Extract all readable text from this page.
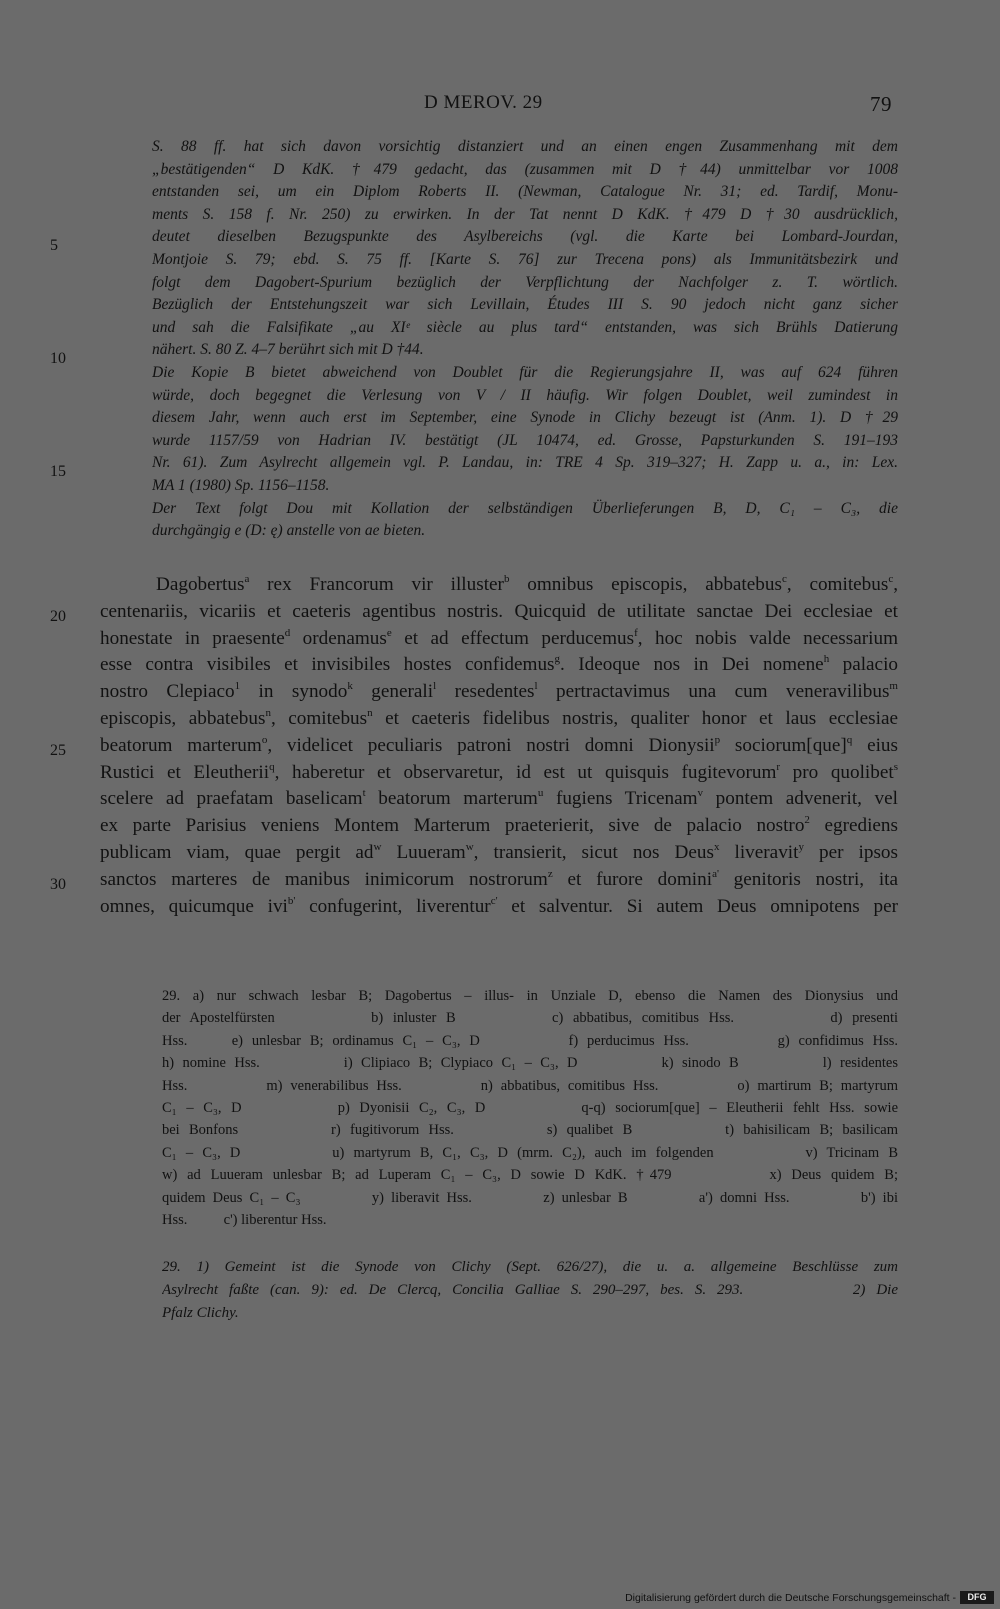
D MEROV. 29	79
S. 88 ff. hat sich davon vorsichtig distanziert und an einen engen Zusammenhang mit dem
„bestätigenden“ D KdK. †479 gedacht, das (zusammen mit D †44) unmittelbar vor 1008
entstanden sei, um ein Diplom Roberts II. (Newman, Catalogue Nr. 31; ed. Tardif, Monu-
ments S. 158 f. Nr. 250) zu erwirken. In der Tat nennt D KdK. †479 D †30 ausdrücklich,
deutet dieselben Bezugspunkte des Asylbereichs (vgl. die Karte bei Lombard-Jourdan,
Montjoie S. 79; ebd. S. 75 ff. [Karte S. 76] zur Trecena pons) als Immunitätsbezirk und
folgt dem Dagobert-Spurium bezüglich der Verpflichtung der Nachfolger z. T. wörtlich.
Bezüglich der Entstehungszeit war sich Levillain, Études III S. 90 jedoch nicht ganz sicher
und sah die Falsifikate „au XIᵉ siècle au plus tard“ entstanden, was sich Brühls Datierung
nähert. S. 80 Z. 4–7 berührt sich mit D †44.
Die Kopie B bietet abweichend von Doublet für die Regierungsjahre II, was auf 624 führen
würde, doch begegnet die Verlesung von V / II häufig. Wir folgen Doublet, weil zumindest in
diesem Jahr, wenn auch erst im September, eine Synode in Clichy bezeugt ist (Anm. 1). D †29
wurde 1157/59 von Hadrian IV. bestätigt (JL 10474, ed. Grosse, Papsturkunden S. 191–193
Nr. 61). Zum Asylrecht allgemein vgl. P. Landau, in: TRE 4 Sp. 319–327; H. Zapp u. a., in: Lex.
MA 1 (1980) Sp. 1156–1158.
Der Text folgt Dou mit Kollation der selbständigen Überlieferungen B, D, C₁ – C₃, die
durchgängig e (D: ę) anstelle von ae bieten.
Dagobertus$^a$ rex Francorum vir illuster$^b$ omnibus episcopis, abbatebus$^c$, comitebus$^c$,
centenariis, vicariis et caeteris agentibus nostris. Quicquid de utilitate sanctae Dei ecclesiae et
honestate in praesente$^d$ ordenamus$^e$ et ad effectum perducemus$^f$, hoc nobis valde necessarium
esse contra visibiles et invisibiles hostes confidemus$^g$. Ideoque nos in Dei nomene$^h$ palacio
nostro Clepiaco$^1$ in synodo$^k$ generali$^l$ resedentes$^l$ pertractavimus una cum veneravilibus$^m$
episcopis, abbatebus$^n$, comitebus$^n$ et caeteris fidelibus nostris, qualiter honor et laus ecclesiae
beatorum marterum$^o$, videlicet peculiaris patroni nostri domni Dionysii$^p$ sociorum[que]$^q$ eius
Rustici et Eleutherii$^q$, haberetur et observaretur, id est ut quisquis fugitevorum$^r$ pro quolibet$^s$
scelere ad praefatam baselicam$^t$ beatorum marterum$^u$ fugiens Tricenam$^v$ pontem advenerit, vel
ex parte Parisius veniens Montem Marterum praeterierit, sive de palacio nostro$^2$ egrediens
publicam viam, quae pergit $ad^w$ Luueram$^w$, transierit, sicut nos Deus$^x$ liveravit$^y$ per ipsos
sanctos marteres de manibus inimicorum nostrorum$^z$ et furore domini$^{a'}$ genitoris nostri, ita
omnes, quicumque ivi$^{b'}$ confugerint, liverentur$^{c'}$ et salventur. Si autem Deus omnipotens per
5
10
15
20
25
30
29. a) nur schwach lesbar B; Dagobertus – illus- in Unziale D, ebenso die Namen des Dionysius und
der Apostelfürsten          b) inluster B          c) abbatibus, comitibus Hss.          d) presenti
Hss.     e) unlesbar B; ordinamus C₁ – C₃, D          f) perducimus Hss.          g) confidimus Hss.
h) nomine Hss.          i) Clipiaco B; Clypiaco C₁ – C₃, D          k) sinodo B          l) residentes
Hss.          m) venerabilibus Hss.          n) abbatibus, comitibus Hss.          o) martirum B; martyrum
C₁ – C₃, D          p) Dyonisii C₂, C₃, D          q-q) sociorum[que] – Eleutherii fehlt Hss. sowie
bei Bonfons          r) fugitivorum Hss.          s) qualibet B          t) bahisilicam B; basilicam
C₁ – C₃, D          u) martyrum B, C₁, C₃, D (mrm. C₂), auch im folgenden          v) Tricinam B
w) ad Luueram unlesbar B; ad Luperam C₁ – C₃, D sowie D KdK. †479          x) Deus quidem B;
quidem Deus C₁ – C₃          y) liberavit Hss.          z) unlesbar B          a') domni Hss.          b') ibi
Hss.          c') liberentur Hss.
29. 1) Gemeint ist die Synode von Clichy (Sept. 626/27), die u. a. allgemeine Beschlüsse zum
Asylrecht faßte (can. 9): ed. De Clercq, Concilia Galliae S. 290–297, bes. S. 293.          2) Die
Pfalz Clichy.
Digitalisierung gefördert durch die Deutsche Forschungsgemeinschaft -	DFG
